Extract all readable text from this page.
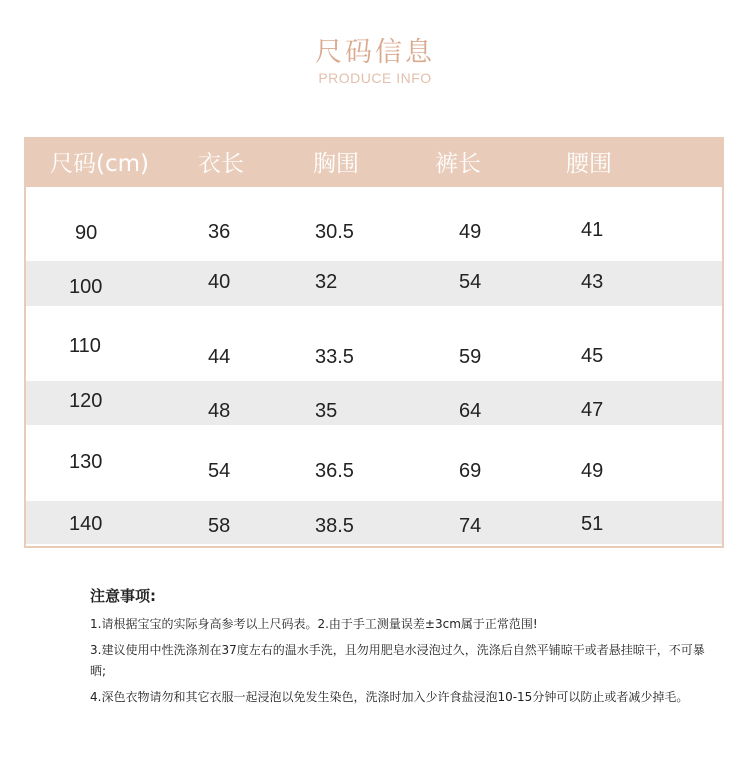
尺码信息
PRODUCE INFO
尺码(cm) 衣长	胸围	裤长	腰围
90	36	30.5	49	41
100	40	32	54	43
110	44	33.5	59	45
120	48	35	64	47
130	54	36.5	69	49
140	58	38.5	74	51
注意事项:
1.请根据宝宝的实际身高参考以上尺码表。2.由于手工测量误差±3cm属于正常范围!
3.建议使用中性洗涤剂在37度左右的温水手洗，且勿用肥皂水浸泡过久，洗涤后自然平铺晾干或者悬挂晾干，不可暴晒;
4.深色衣物请勿和其它衣服一起浸泡以免发生染色，洗涤时加入少许食盐浸泡10-15分钟可以防止或者减少掉毛。
